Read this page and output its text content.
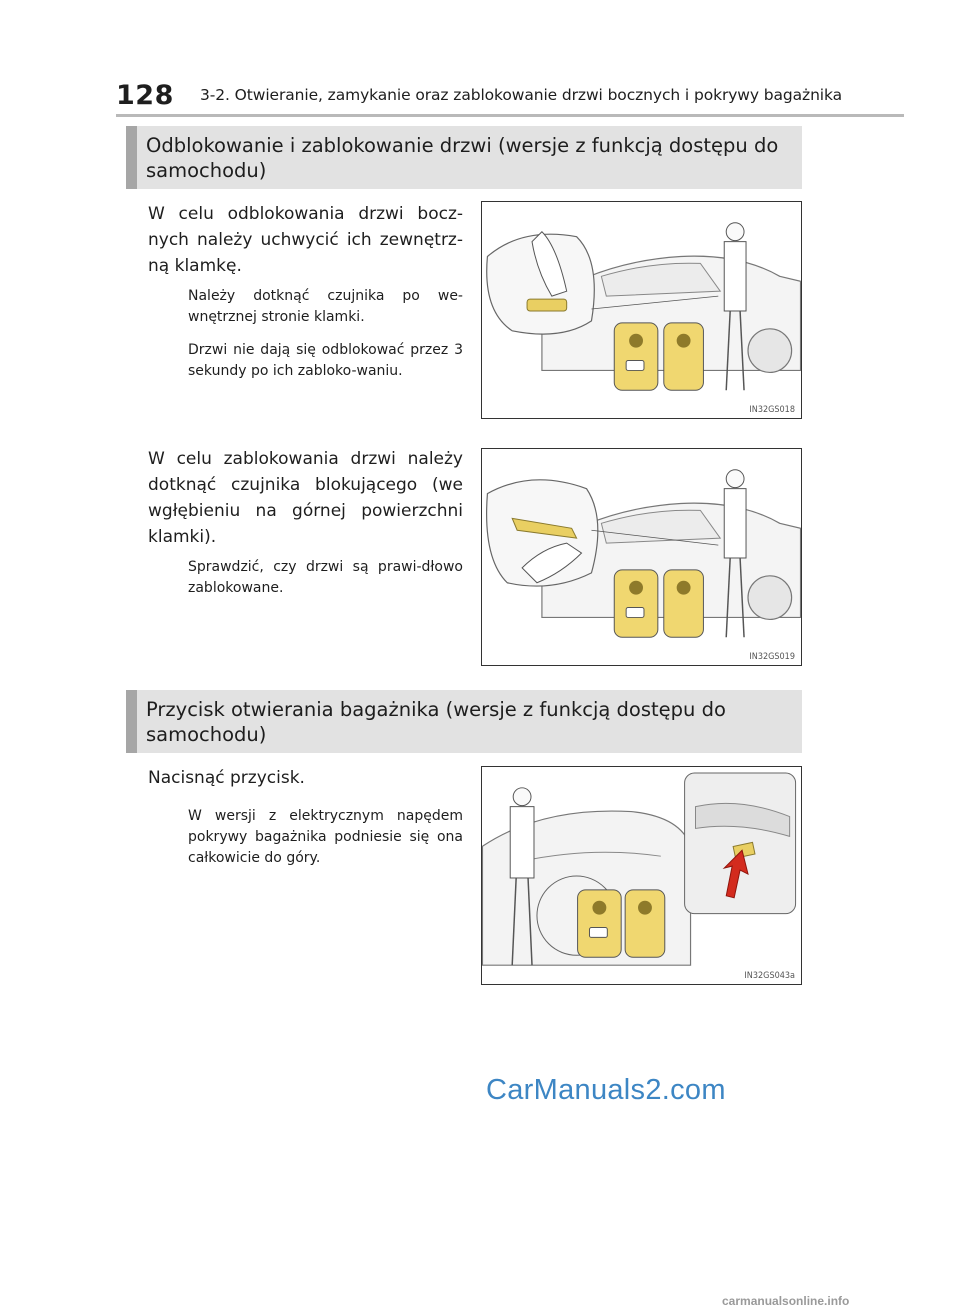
128 3-2. Otwieranie, zamykanie oraz zablokowanie drzwi bocznych i pokrywy bagażnika
Odblokowanie i zablokowanie drzwi (wersje z funkcją dostępu do samochodu)
W celu odblokowania drzwi bocz-nych należy uchwycić ich zewnętrz-ną klamkę.
Należy dotknąć czujnika po we-wnętrznej stronie klamki.
Drzwi nie dają się odblokować przez 3 sekundy po ich zabloko-waniu.
IN32GS018
W celu zablokowania drzwi należy dotknąć czujnika blokującego (we wgłębieniu na górnej powierzchni klamki).
Sprawdzić, czy drzwi są prawi-dłowo zablokowane.
IN32GS019
Przycisk otwierania bagażnika (wersje z funkcją dostępu do samochodu)
Nacisnąć przycisk.
W wersji z elektrycznym napędem pokrywy bagażnika podniesie się ona całkowicie do góry.
IN32GS043a
CarManuals2.com
carmanualsonline.info
